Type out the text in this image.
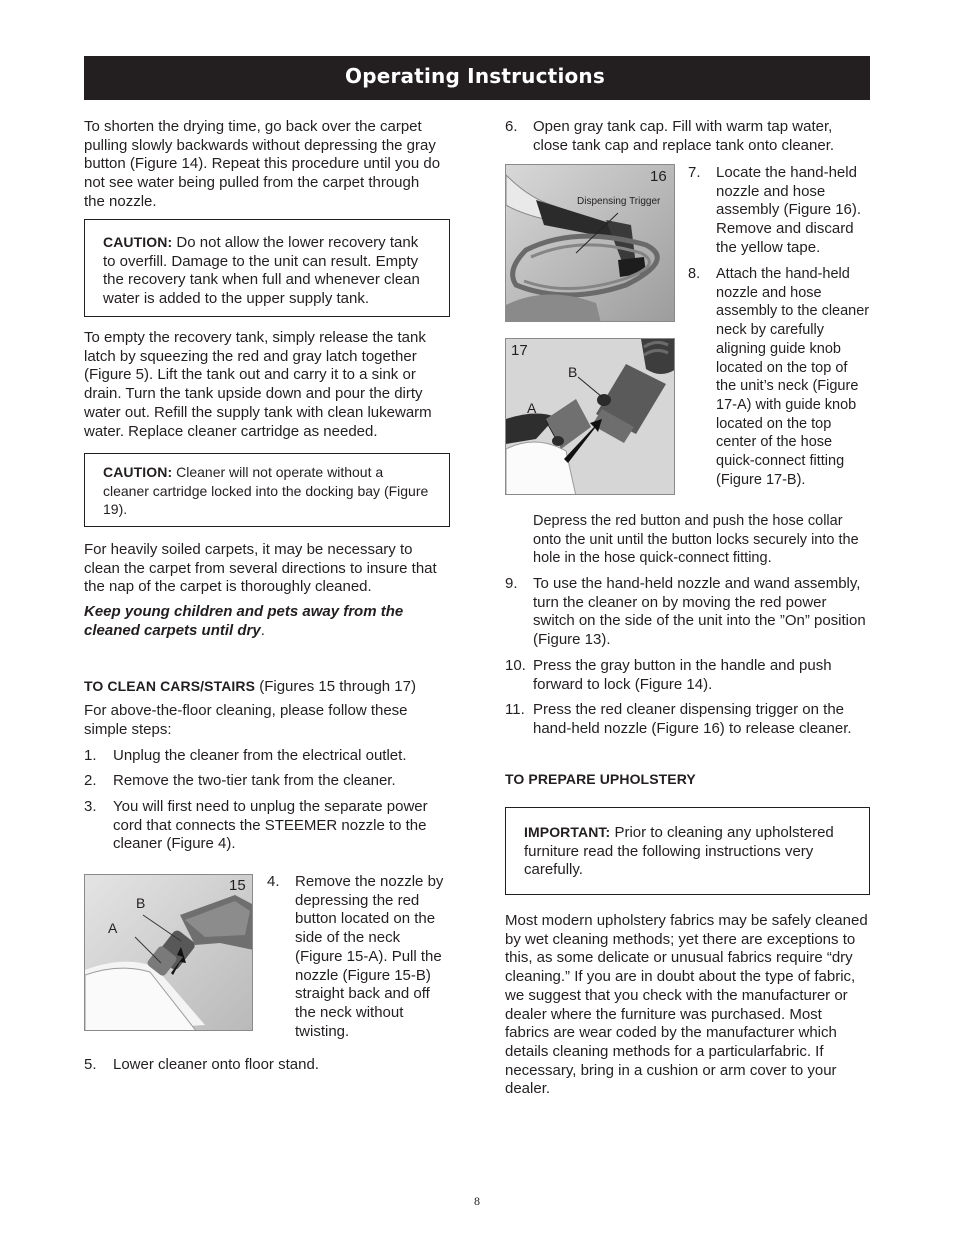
Operating Instructions

To shorten the drying time, go back over the carpet pulling slowly backwards without depressing the gray button (Figure 14). Repeat this procedure until you do not see water being pulled from the carpet through the nozzle.

CAUTION: Do not allow the lower recovery tank to overfill. Damage to the unit can result. Empty the recovery tank when full and whenever clean water is added to the upper supply tank.

To empty the recovery tank, simply release the tank latch by squeezing the red and gray latch together (Figure 5). Lift the tank out and carry it to a sink or drain. Turn the tank upside down and pour the dirty water out. Refill the supply tank with clean lukewarm water. Replace cleaner cartridge as needed.

CAUTION: Cleaner will not operate without a cleaner cartridge locked into the docking bay (Figure 19).

For heavily soiled carpets, it may be necessary to clean the carpet from several directions to insure that the nap of the carpet is thoroughly cleaned.

Keep young children and pets away from the cleaned carpets until dry.

TO CLEAN CARS/STAIRS (Figures 15 through 17)

For above-the-floor cleaning, please follow these simple steps:

1. Unplug the cleaner from the electrical outlet.
2. Remove the two-tier tank from the cleaner.
3. You will first need to unplug the separate power cord that connects the STEEMER nozzle to the cleaner (Figure 4).
15
B
A
4. Remove the nozzle by depressing the red button located on the side of the neck (Figure 15-A). Pull the nozzle (Figure 15-B) straight back and off the neck without twisting.
5. Lower cleaner onto floor stand.
6. Open gray tank cap. Fill with warm tap water, close tank cap and replace tank onto cleaner.
16
Dispensing Trigger
17
B
A
7. Locate the hand-held nozzle and hose assembly (Figure 16). Remove and discard the yellow tape.
8. Attach the hand-held nozzle and hose assembly to the cleaner neck by carefully aligning guide knob located on the top of the unit’s neck (Figure 17-A) with guide knob located on the top center of the hose quick-connect fitting (Figure 17-B).

Depress the red button and push the hose collar onto the unit until the button locks securely into the hole in the hose quick-connect fitting.

9. To use the hand-held nozzle and wand assembly, turn the cleaner on by moving the red power switch on the side of the unit into the ”On” position (Figure 13).
10. Press the gray button in the handle and push forward to lock (Figure 14).
11. Press the red cleaner dispensing trigger on the hand-held nozzle (Figure 16) to release cleaner.
TO PREPARE UPHOLSTERY
IMPORTANT: Prior to cleaning any upholstered furniture read the following instructions very carefully.

Most modern upholstery fabrics may be safely cleaned by wet cleaning methods; yet there are exceptions to this, as some delicate or unusual fabrics require “dry cleaning.” If you are in doubt about the type of fabric, we suggest that you check with the manufacturer or dealer where the furniture was purchased. Most fabrics are wear coded by the manufacturer which details cleaning methods for a particularfabric. If necessary, bring in a cushion or arm cover to your dealer.

8
